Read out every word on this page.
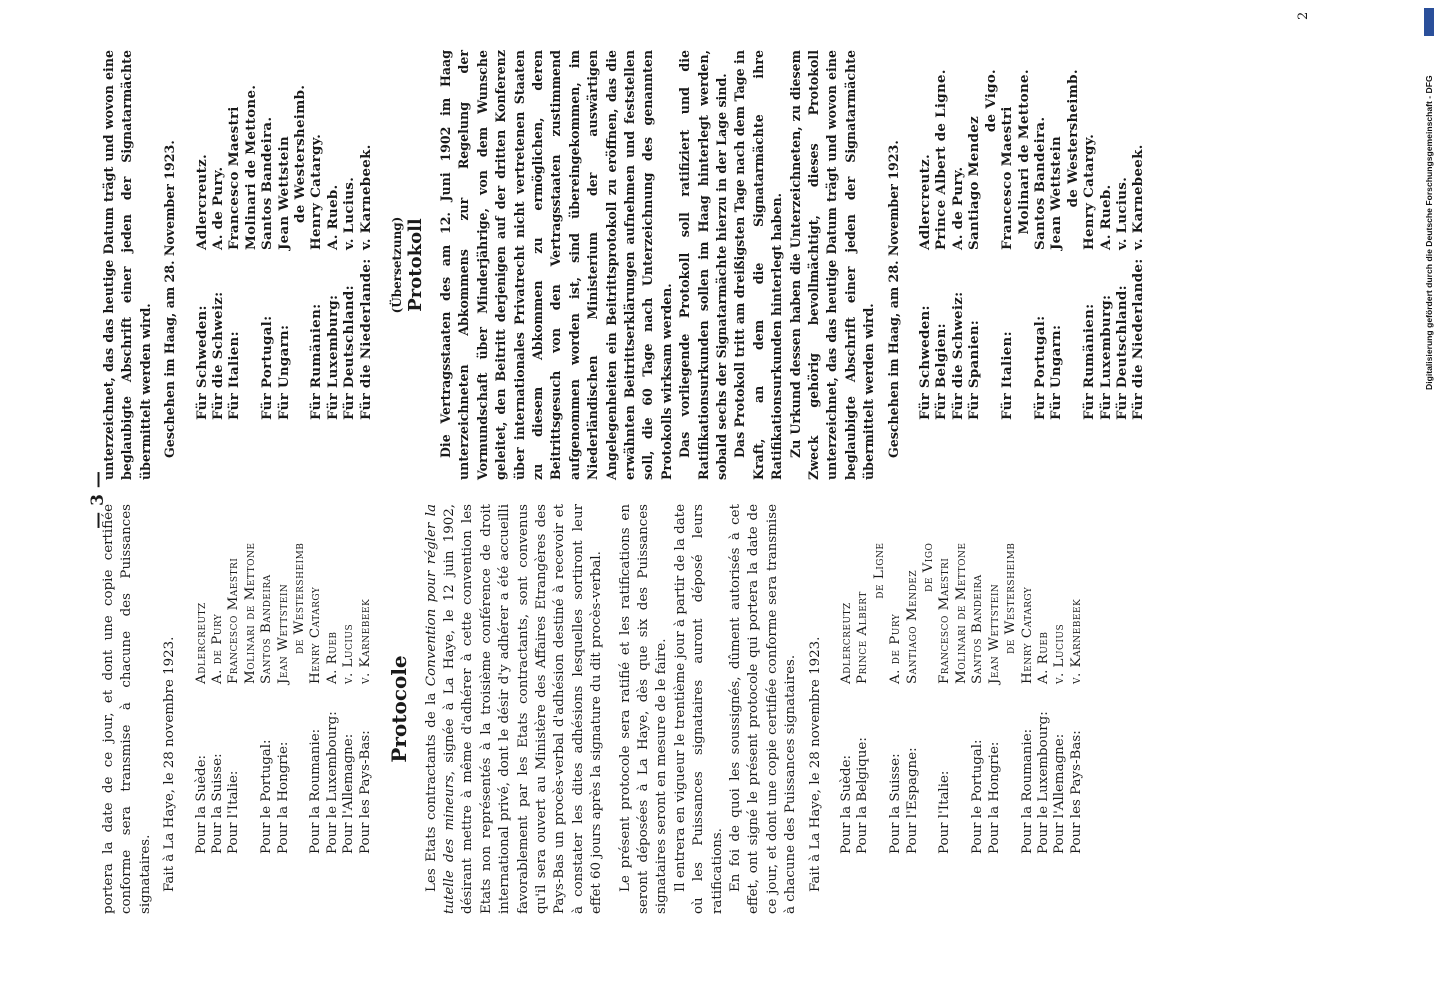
— 3 —

portera la date de ce jour, et dont une copie certifiée conforme sera transmise à chacune des Puissances signataires. Fait à La Haye, le 28 novembre 1923. Pour la Suède:	Adlercreutz
Pour la Suisse:	A. de Pury
Pour l'Italie:	Francesco Maestri
	Molinari de Mettone
Pour le Portugal:	Santos Bandeira
Pour la Hongrie:	Jean Wettstein
	de Westersheimb
Pour la Roumanie:	Henry Catargy
Pour le Luxembourg:	A. Rueb
Pour l'Allemagne:	v. Lucius
Pour les Pays-Bas:	v. Karnebeek
Protocole Les Etats contractants de la Convention pour régler la tutelle des mineurs, signée à La Haye, le 12 juin 1902, désirant mettre à même d'adhérer à cette convention les Etats non représentés à la troisième conférence de droit international privé, dont le désir d'y adhérer a été accueilli favorablement par les Etats contractants, sont convenus qu'il sera ouvert au Ministère des Affaires Etrangères des Pays-Bas un procès-verbal d'adhésion destiné à recevoir et à constater les dites adhésions lesquelles sortiront leur effet 60 jours après la signature du dit procès-verbal. Le présent protocole sera ratifié et les ratifications en seront déposées à La Haye, dès que six des Puissances signataires seront en mesure de le faire. Il entrera en vigueur le trentième jour à partir de la date où les Puissances signataires auront déposé leurs ratifications. En foi de quoi les soussignés, dûment autorisés à cet effet, ont signé le présent protocole qui portera la date de ce jour, et dont une copie certifiée conforme sera transmise à chacune des Puissances signataires. Fait à La Haye, le 28 novembre 1923. Pour la Suède:	Adlercreutz
Pour la Belgique:	Prince Albert
	de Ligne
Pour la Suisse:	A. de Pury
Pour l'Espagne:	Santiago Mendez
	de Vigo
Pour l'Italie:	Francesco Maestri
	Molinari de Mettone
Pour le Portugal:	Santos Bandeira
Pour la Hongrie:	Jean Wettstein
	de Westersheimb
Pour la Roumanie:	Henry Catargy
Pour le Luxembourg:	A. Rueb
Pour l'Allemagne:	v. Lucius
Pour les Pays-Bas:	v. Karnebeek

unterzeichnet, das das heutige Datum trägt und wovon eine beglaubigte Abschrift einer jeden der Signatarmächte übermittelt werden wird. Geschehen im Haag, am 28. November 1923. Für Schweden:	Adlercreutz.
Für die Schweiz:	A. de Pury.
Für Italien:	Francesco Maestri
	Molinari de Mettone.
Für Portugal:	Santos Bandeira.
Für Ungarn:	Jean Wettstein
	de Westersheimb.
Für Rumänien:	Henry Catargy.
Für Luxemburg:	A. Rueb.
Für Deutschland:	v. Lucius.
Für die Niederlande:	v. Karnebeek.
(Übersetzung) Protokoll Die Vertragsstaaten des am 12. Juni 1902 im Haag unterzeichneten Abkommens zur Regelung der Vormundschaft über Minderjährige, von dem Wunsche geleitet, den Beitritt derjenigen auf der dritten Konferenz über internationales Privatrecht nicht vertretenen Staaten zu diesem Abkommen zu ermöglichen, deren Beitrittsgesuch von den Vertragsstaaten zustimmend aufgenommen worden ist, sind übereingekommen, im Niederländischen Ministerium der auswärtigen Angelegenheiten ein Beitrittsprotokoll zu eröffnen, das die erwähnten Beitrittserklärungen aufnehmen und feststellen soll, die 60 Tage nach Unterzeichnung des genannten Protokolls wirksam werden. Das vorliegende Protokoll soll ratifiziert und die Ratifikationsurkunden sollen im Haag hinterlegt werden, sobald sechs der Signatarmächte hierzu in der Lage sind. Das Protokoll tritt am dreißigsten Tage nach dem Tage in Kraft, an dem die Signatarmächte ihre Ratifikationsurkunden hinterlegt haben. Zu Urkund dessen haben die Unterzeichneten, zu diesem Zweck gehörig bevollmächtigt, dieses Protokoll unterzeichnet, das das heutige Datum trägt und wovon eine beglaubigte Abschrift einer jeden der Signatarmächte übermittelt werden wird. Geschehen im Haag, am 28. November 1923. Für Schweden:	Adlercreutz.
Für Belgien:	Prince Albert de Ligne.

Für die Schweiz:	A. de Pury.
Für Spanien:	Santiago Mendez
	de Vigo.
Für Italien:	Francesco Maestri
	Molinari de Mettone.
Für Portugal:	Santos Bandeira.
Für Ungarn:	Jean Wettstein
	de Westersheimb.
Für Rumänien:	Henry Catargy.
Für Luxemburg:	A. Rueb.
Für Deutschland:	v. Lucius.
Für die Niederlande:	v. Karnebeek.
2
Digitalisierung gefördert durch die Deutsche Forschungsgemeinschaft - DFG
